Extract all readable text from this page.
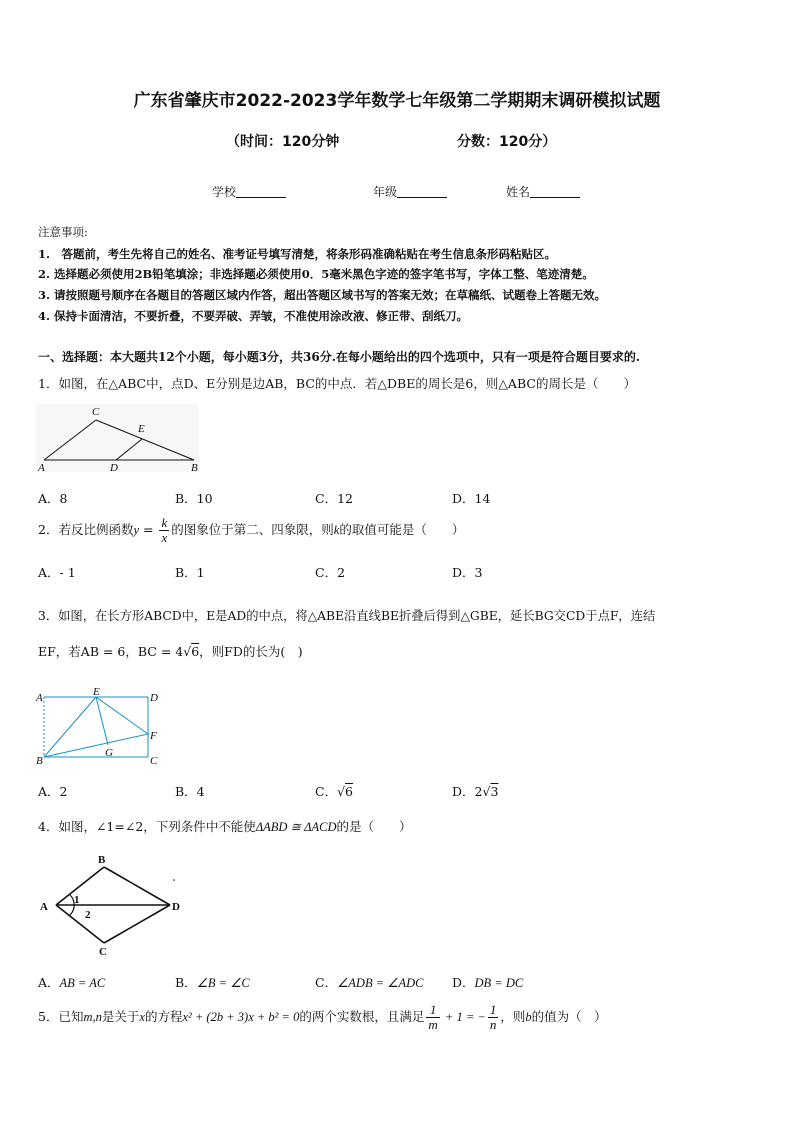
广东省肇庆市2022-2023学年数学七年级第二学期期末调研模拟试题
（时间：120分钟	分数：120分）
学校	年级	姓名
注意事项:
1.　答题前，考生先将自己的姓名、准考证号填写清楚，将条形码准确粘贴在考生信息条形码粘贴区。
2. 选择题必须使用2B铅笔填涂；非选择题必须使用0．5毫米黑色字迹的签字笔书写，字体工整、笔迹清楚。
3. 请按照题号顺序在各题目的答题区域内作答，超出答题区域书写的答案无效；在草稿纸、试题卷上答题无效。
4. 保持卡面清洁，不要折叠，不要弄破、弄皱，不准使用涂改液、修正带、刮纸刀。
一、选择题：本大题共12个小题，每小题3分，共36分.在每小题给出的四个选项中，只有一项是符合题目要求的.
1．如图，在△ABC中，点D、E分别是边AB，BC的中点．若△DBE的周长是6，则△ABC的周长是（　　）
A	B
C
D
E
A．8	B．10	C．12	D．14
2．若反比例函数$y = \frac{k}{x}$ 的图象位于第二、四象限，则k的取值可能是（　　）
A．- 1	B．1	C．2	D．3
3．如图，在长方形ABCD中，E是AD的中点，将△ABE沿直线BE折叠后得到△GBE，延长BG交CD于点F，连结
EF，若AB = 6，BC = 4√6，则FD的长为(　)
A
B	C
D
E
F
G
A．2	B．4	C．√6	D．2√3
4．如图，∠1=∠2，下列条件中不能使ΔABD ≅ ΔACD的是（　　）
A
B
C
D
1
2
A．AB = AC	B．∠B = ∠C	C．∠ADB = ∠ADC D．DB = DC
5．已知m,n是关于x的方程x² + (2b + 3)x + b² = 0的两个实数根，且满足 $\frac{1}{m} + 1$ = − $\frac{1}{n}$ ，则b的值为（　）
